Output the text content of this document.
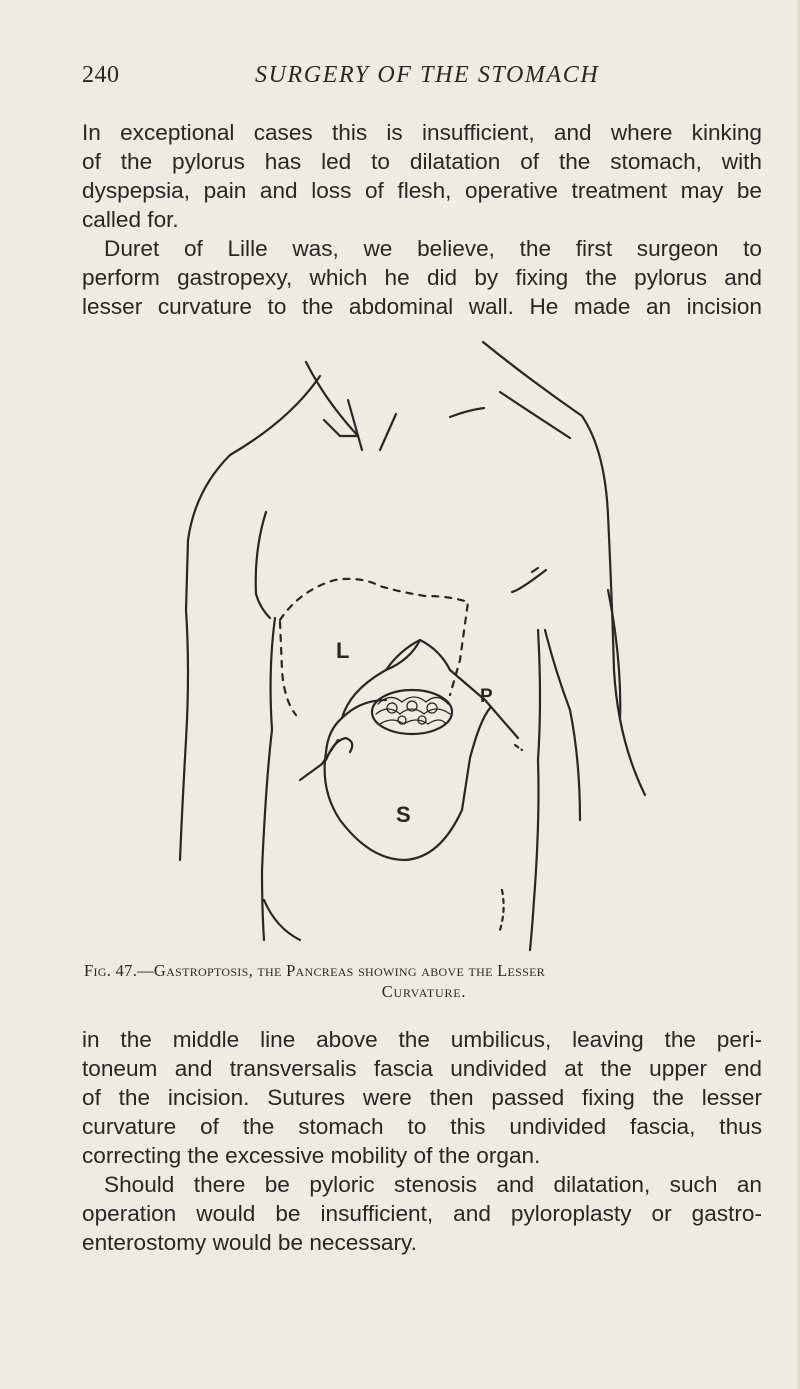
240	SURGERY OF THE STOMACH
In exceptional cases this is insufficient, and where kinking
of the pylorus has led to dilatation of the stomach, with
dyspepsia, pain and loss of flesh, operative treatment may be
called for.
Duret of Lille was, we believe, the first surgeon to
perform gastropexy, which he did by fixing the pylorus and
lesser curvature to the abdominal wall. He made an incision
L
P
S
Fig. 47.—Gastroptosis, the Pancreas showing above the Lesser
Curvature.
in the middle line above the umbilicus, leaving the peri-
toneum and transversalis fascia undivided at the upper end
of the incision. Sutures were then passed fixing the lesser
curvature of the stomach to this undivided fascia, thus
correcting the excessive mobility of the organ.
Should there be pyloric stenosis and dilatation, such an
operation would be insufficient, and pyloroplasty or gastro-
enterostomy would be necessary.
